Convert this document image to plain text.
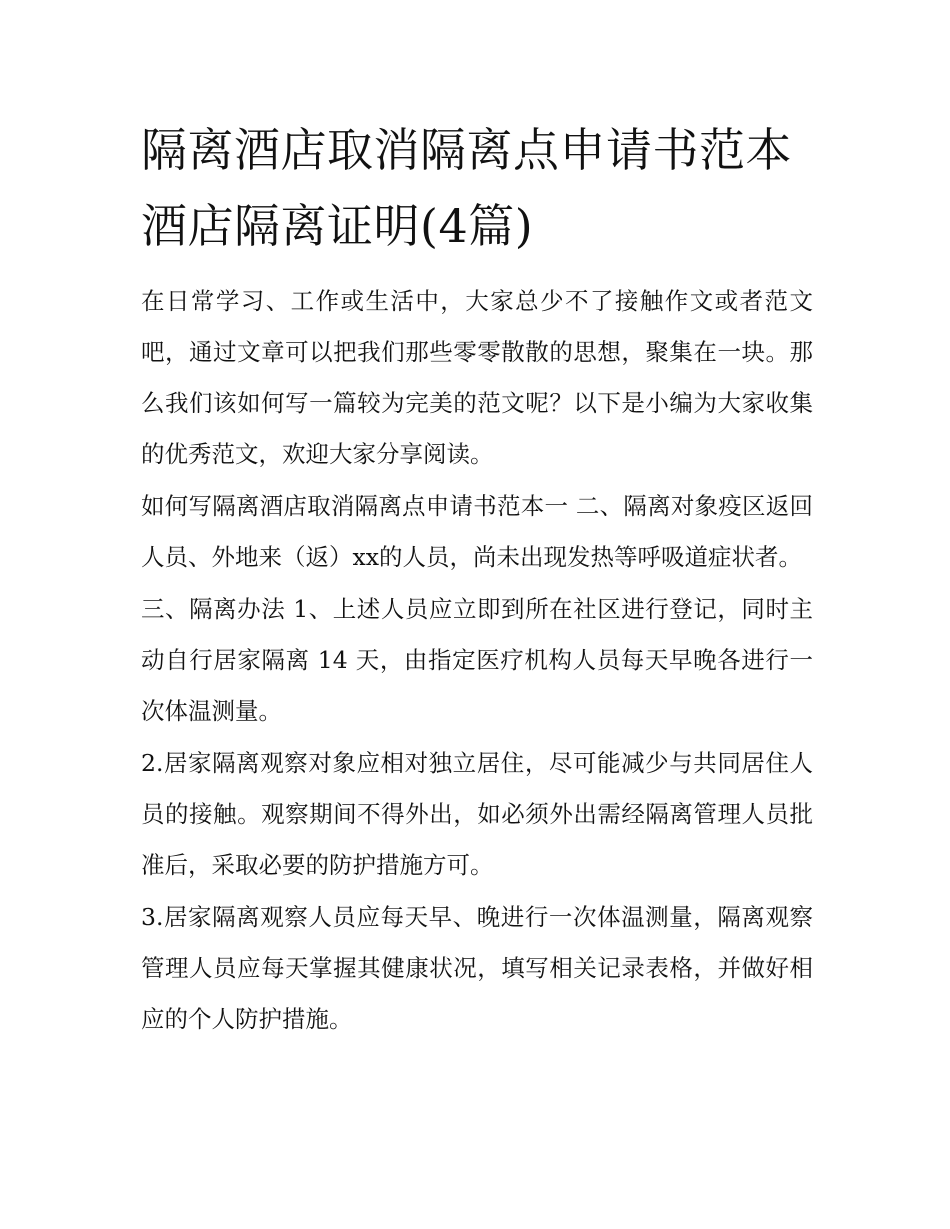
隔离酒店取消隔离点申请书范本 酒店隔离证明(4篇)

在日常学习、工作或生活中，大家总少不了接触作文或者范文吧，通过文章可以把我们那些零零散散的思想，聚集在一块。那么我们该如何写一篇较为完美的范文呢？以下是小编为大家收集的优秀范文，欢迎大家分享阅读。

如何写隔离酒店取消隔离点申请书范本一 二、隔离对象疫区返回人员、外地来（返）xx的人员，尚未出现发热等呼吸道症状者。

三、隔离办法 1、上述人员应立即到所在社区进行登记，同时主动自行居家隔离 14 天，由指定医疗机构人员每天早晚各进行一次体温测量。

2.居家隔离观察对象应相对独立居住，尽可能减少与共同居住人员的接触。观察期间不得外出，如必须外出需经隔离管理人员批准后，采取必要的防护措施方可。

3.居家隔离观察人员应每天早、晚进行一次体温测量，隔离观察管理人员应每天掌握其健康状况，填写相关记录表格，并做好相应的个人防护措施。
